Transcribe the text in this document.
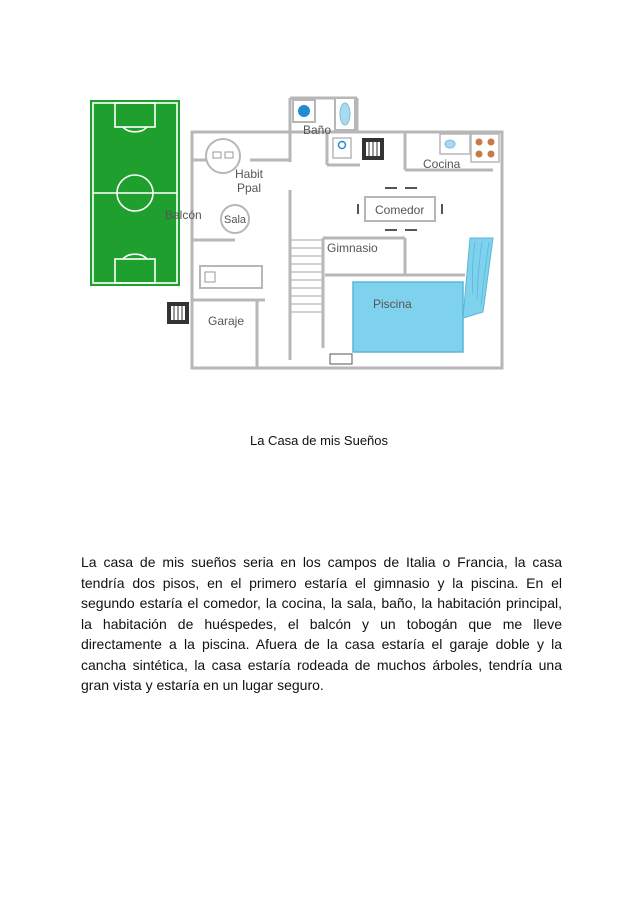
Baño
Cocina
Habit
Ppal
Balcón Sala
Comedor
Gimnasio
Piscina
Garaje
La Casa de mis Sueños

La casa de mis sueños seria en los campos de Italia o Francia, la casa tendría dos pisos, en el primero estaría el gimnasio y la piscina. En el segundo estaría el comedor, la cocina, la sala, baño, la habitación principal, la habitación de huéspedes, el balcón y un tobogán que me lleve directamente a la piscina. Afuera de la casa estaría el garaje doble y la cancha sintética, la casa estaría rodeada de muchos árboles, tendría una gran vista y estaría en un lugar seguro.
